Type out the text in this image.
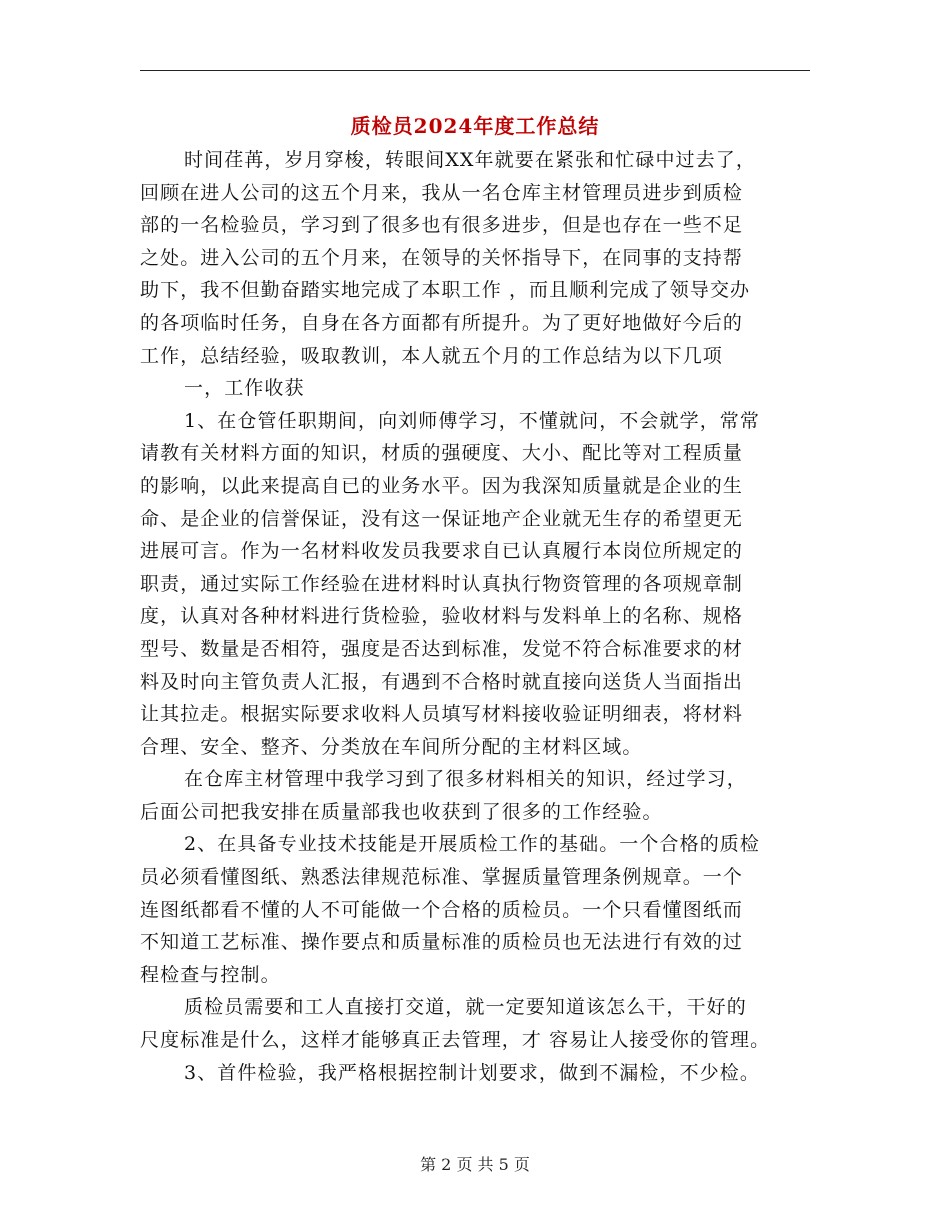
质检员2024年度工作总结
时间荏苒，岁月穿梭，转眼间XX年就要在紧张和忙碌中过去了，
回顾在进人公司的这五个月来，我从一名仓库主材管理员进步到质检
部的一名检验员，学习到了很多也有很多进步，但是也存在一些不足
之处。进入公司的五个月来，在领导的关怀指导下，在同事的支持帮
助下，我不但勤奋踏实地完成了本职工作 ，而且顺利完成了领导交办
的各项临时任务，自身在各方面都有所提升。为了更好地做好今后的
工作，总结经验，吸取教训，本人就五个月的工作总结为以下几项
一，工作收获
1、在仓管任职期间，向刘师傅学习，不懂就问，不会就学，常常
请教有关材料方面的知识，材质的强硬度、大小、配比等对工程质量
的影响，以此来提高自已的业务水平。因为我深知质量就是企业的生
命、是企业的信誉保证，没有这一保证地产企业就无生存的希望更无
进展可言。作为一名材料收发员我要求自已认真履行本岗位所规定的
职责，通过实际工作经验在进材料时认真执行物资管理的各项规章制
度，认真对各种材料进行货检验，验收材料与发料单上的名称、规格
型号、数量是否相符，强度是否达到标准，发觉不符合标准要求的材
料及时向主管负责人汇报，有遇到不合格时就直接向送货人当面指出
让其拉走。根据实际要求收料人员填写材料接收验证明细表，将材料
合理、安全、整齐、分类放在车间所分配的主材料区域。
在仓库主材管理中我学习到了很多材料相关的知识，经过学习，
后面公司把我安排在质量部我也收获到了很多的工作经验。
2、在具备专业技术技能是开展质检工作的基础。一个合格的质检
员必须看懂图纸、熟悉法律规范标准、掌握质量管理条例规章。一个
连图纸都看不懂的人不可能做一个合格的质检员。一个只看懂图纸而
不知道工艺标准、操作要点和质量标准的质检员也无法进行有效的过
程检查与控制。
质检员需要和工人直接打交道，就一定要知道该怎么干，干好的
尺度标准是什么，这样才能够真正去管理，才 容易让人接受你的管理。
3、首件检验，我严格根据控制计划要求，做到不漏检，不少检。
第 2 页 共 5 页
